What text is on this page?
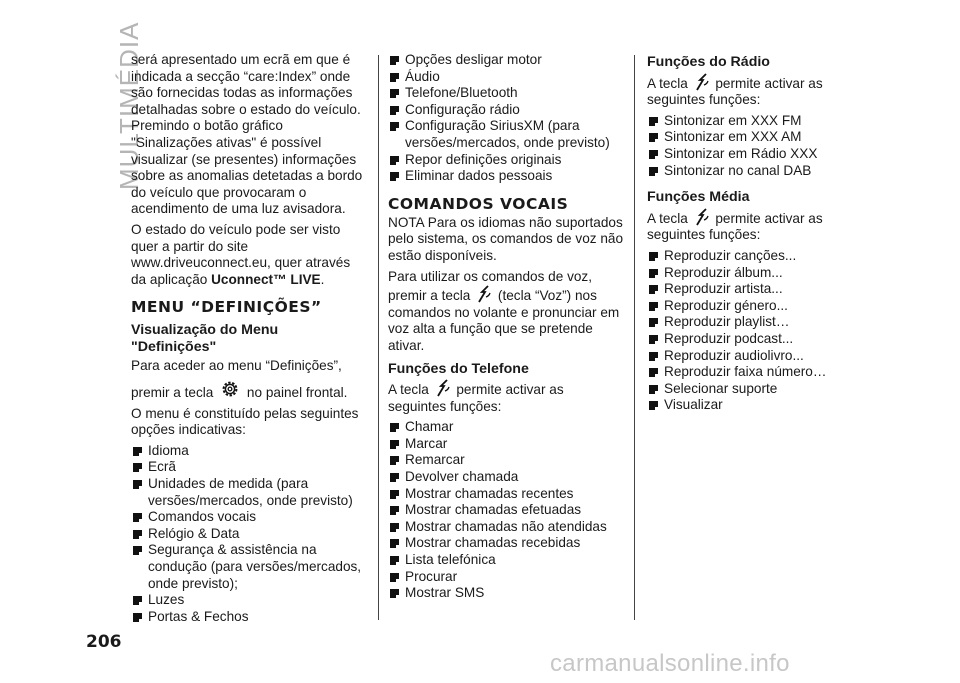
MULTIMÉDIA

será apresentado um ecrã em que é indicada a secção “care:Index” onde são fornecidas todas as informações detalhadas sobre o estado do veículo. Premindo o botão gráfico "Sinalizações ativas" é possível visualizar (se presentes) informações sobre as anomalias detetadas a bordo do veículo que provocaram o acendimento de uma luz avisadora.

O estado do veículo pode ser visto quer a partir do site www.driveuconnect.eu, quer através da aplicação Uconnect™ LIVE.

MENU “DEFINIÇÕES”
Visualização do Menu "Definições"

Para aceder ao menu “Definições”,

premir a tecla no painel frontal.

O menu é constituído pelas seguintes opções indicativas:

Idioma
Ecrã
Unidades de medida (para versões/mercados, onde previsto)
Comandos vocais
Relógio & Data
Segurança & assistência na condução (para versões/mercados, onde previsto);
Luzes
Portas & Fechos
Opções desligar motor
Áudio
Telefone/Bluetooth
Configuração rádio
Configuração SiriusXM (para versões/mercados, onde previsto)
Repor definições originais
Eliminar dados pessoais
COMANDOS VOCAIS

NOTA Para os idiomas não suportados pelo sistema, os comandos de voz não estão disponíveis.

Para utilizar os comandos de voz, premir a tecla (tecla “Voz”) nos comandos no volante e pronunciar em voz alta a função que se pretende ativar.

Funções do Telefone

A tecla permite activar as seguintes funções:

Chamar
Marcar
Remarcar
Devolver chamada
Mostrar chamadas recentes
Mostrar chamadas efetuadas
Mostrar chamadas não atendidas
Mostrar chamadas recebidas
Lista telefónica
Procurar
Mostrar SMS
Funções do Rádio

A tecla permite activar as seguintes funções:

Sintonizar em XXX FM
Sintonizar em XXX AM
Sintonizar em Rádio XXX
Sintonizar no canal DAB
Funções Média

A tecla permite activar as seguintes funções:

Reproduzir canções...
Reproduzir álbum...
Reproduzir artista...
Reproduzir género...
Reproduzir playlist…
Reproduzir podcast...
Reproduzir audiolivro...
Reproduzir faixa número…
Selecionar suporte
Visualizar
206
carmanualsonline.info
